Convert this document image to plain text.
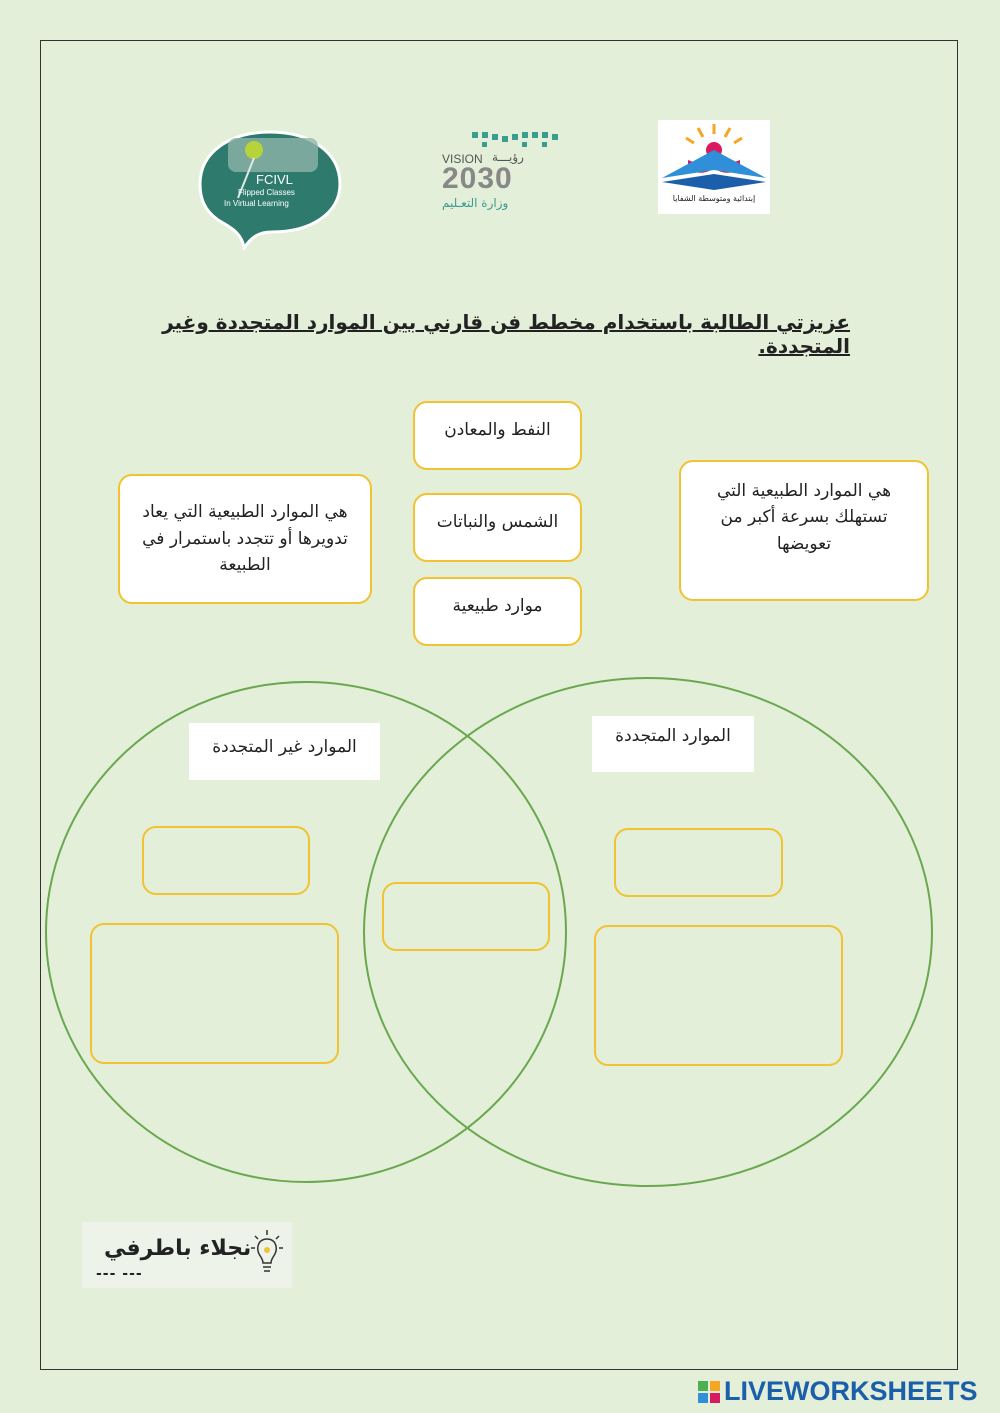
FCIVL
Flipped Classes
In Virtual Learning
VISION رؤيـــة
2030
وزارة التعـليم	إبتدائية ومتوسطة الشفايا
عزيزتي الطالبة باستخدام مخطط فن قارني بين الموارد المتجددة وغير المتجددة.
هي الموارد الطبيعية التي يعاد تدويرها أو تتجدد باستمرار في الطبيعة
النفط والمعادن
الشمس والنباتات
موارد طبيعية
هي الموارد الطبيعية التي تستهلك بسرعة أكبر من تعويضها
الموارد غير المتجددة
الموارد المتجددة
نجلاء باطرفي
--- ---
LIVEWORKSHEETS
